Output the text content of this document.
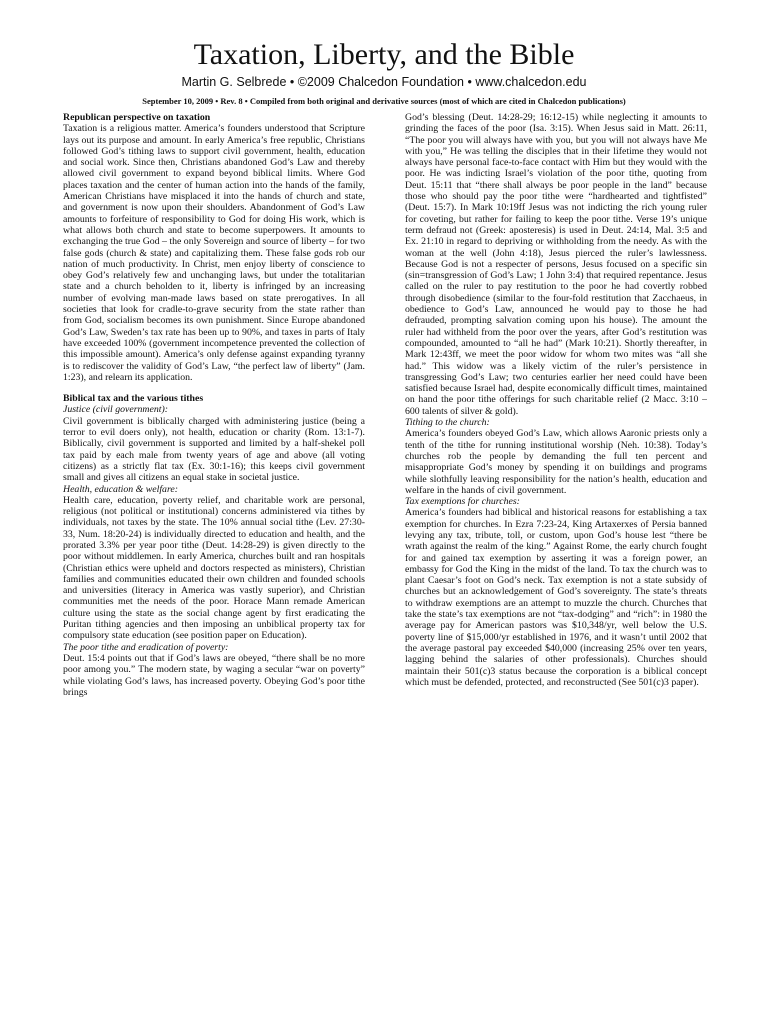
Taxation, Liberty, and the Bible
Martin G. Selbrede • ©2009 Chalcedon Foundation • www.chalcedon.edu
September 10, 2009 • Rev. 8 • Compiled from both original and derivative sources (most of which are cited in Chalcedon publications)
Republican perspective on taxation

Taxation is a religious matter. America’s founders understood that Scripture lays out its purpose and amount. In early America’s free republic, Christians followed God’s tithing laws to support civil government, health, education and social work. Since then, Christians abandoned God’s Law and thereby allowed civil government to expand beyond biblical limits. Where God places taxation and the center of human action into the hands of the family, American Christians have misplaced it into the hands of church and state, and government is now upon their shoulders. Abandonment of God’s Law amounts to forfeiture of responsibility to God for doing His work, which is what allows both church and state to become superpowers. It amounts to exchanging the true God – the only Sovereign and source of liberty – for two false gods (church & state) and capitalizing them. These false gods rob our nation of much productivity. In Christ, men enjoy liberty of conscience to obey God’s relatively few and unchanging laws, but under the totalitarian state and a church beholden to it, liberty is infringed by an increasing number of evolving man-made laws based on state prerogatives. In all societies that look for cradle-to-grave security from the state rather than from God, socialism becomes its own punishment. Since Europe abandoned God’s Law, Sweden’s tax rate has been up to 90%, and taxes in parts of Italy have exceeded 100% (government incompetence prevented the collection of this impossible amount). America’s only defense against expanding tyranny is to rediscover the validity of God’s Law, “the perfect law of liberty” (Jam. 1:23), and relearn its application.

Biblical tax and the various tithes
Justice (civil government):

Civil government is biblically charged with administering justice (being a terror to evil doers only), not health, education or charity (Rom. 13:1-7). Biblically, civil government is supported and limited by a half-shekel poll tax paid by each male from twenty years of age and above (all voting citizens) as a strictly flat tax (Ex. 30:1-16); this keeps civil government small and gives all citizens an equal stake in societal justice.

Health, education & welfare:

Health care, education, poverty relief, and charitable work are personal, religious (not political or institutional) concerns administered via tithes by individuals, not taxes by the state. The 10% annual social tithe (Lev. 27:30-33, Num. 18:20-24) is individually directed to education and health, and the prorated 3.3% per year poor tithe (Deut. 14:28-29) is given directly to the poor without middlemen. In early America, churches built and ran hospitals (Christian ethics were upheld and doctors respected as ministers), Christian families and communities educated their own children and founded schools and universities (literacy in America was vastly superior), and Christian communities met the needs of the poor. Horace Mann remade American culture using the state as the social change agent by first eradicating the Puritan tithing agencies and then imposing an unbiblical property tax for compulsory state education (see position paper on Education).

The poor tithe and eradication of poverty:

Deut. 15:4 points out that if God’s laws are obeyed, “there shall be no more poor among you.” The modern state, by waging a secular “war on poverty” while violating God’s laws, has increased poverty. Obeying God’s poor tithe brings

God’s blessing (Deut. 14:28-29; 16:12-15) while neglecting it amounts to grinding the faces of the poor (Isa. 3:15). When Jesus said in Matt. 26:11, “The poor you will always have with you, but you will not always have Me with you,” He was telling the disciples that in their lifetime they would not always have personal face-to-face contact with Him but they would with the poor. He was indicting Israel’s violation of the poor tithe, quoting from Deut. 15:11 that “there shall always be poor people in the land” because those who should pay the poor tithe were “hardhearted and tightfisted” (Deut. 15:7). In Mark 10:19ff Jesus was not indicting the rich young ruler for coveting, but rather for failing to keep the poor tithe. Verse 19’s unique term defraud not (Greek: aposteresis) is used in Deut. 24:14, Mal. 3:5 and Ex. 21:10 in regard to depriving or withholding from the needy. As with the woman at the well (John 4:18), Jesus pierced the ruler’s lawlessness. Because God is not a respecter of persons, Jesus focused on a specific sin (sin=transgression of God’s Law; 1 John 3:4) that required repentance. Jesus called on the ruler to pay restitution to the poor he had covertly robbed through disobedience (similar to the four-fold restitution that Zacchaeus, in obedience to God’s Law, announced he would pay to those he had defrauded, prompting salvation coming upon his house). The amount the ruler had withheld from the poor over the years, after God’s restitution was compounded, amounted to “all he had” (Mark 10:21). Shortly thereafter, in Mark 12:43ff, we meet the poor widow for whom two mites was “all she had.” This widow was a likely victim of the ruler’s persistence in transgressing God’s Law; two centuries earlier her need could have been satisfied because Israel had, despite economically difficult times, maintained on hand the poor tithe offerings for such charitable relief (2 Macc. 3:10 – 600 talents of silver & gold).

Tithing to the church:

America’s founders obeyed God’s Law, which allows Aaronic priests only a tenth of the tithe for running institutional worship (Neh. 10:38). Today’s churches rob the people by demanding the full ten percent and misappropriate God’s money by spending it on buildings and programs while slothfully leaving responsibility for the nation’s health, education and welfare in the hands of civil government.

Tax exemptions for churches:

America’s founders had biblical and historical reasons for establishing a tax exemption for churches. In Ezra 7:23-24, King Artaxerxes of Persia banned levying any tax, tribute, toll, or custom, upon God’s house lest “there be wrath against the realm of the king.” Against Rome, the early church fought for and gained tax exemption by asserting it was a foreign power, an embassy for God the King in the midst of the land. To tax the church was to plant Caesar’s foot on God’s neck. Tax exemption is not a state subsidy of churches but an acknowledgement of God’s sovereignty. The state’s threats to withdraw exemptions are an attempt to muzzle the church. Churches that take the state’s tax exemptions are not “tax-dodging” and “rich”: in 1980 the average pay for American pastors was $10,348/yr, well below the U.S. poverty line of $15,000/yr established in 1976, and it wasn’t until 2002 that the average pastoral pay exceeded $40,000 (increasing 25% over ten years, lagging behind the salaries of other professionals). Churches should maintain their 501(c)3 status because the corporation is a biblical concept which must be defended, protected, and reconstructed (See 501(c)3 paper).
